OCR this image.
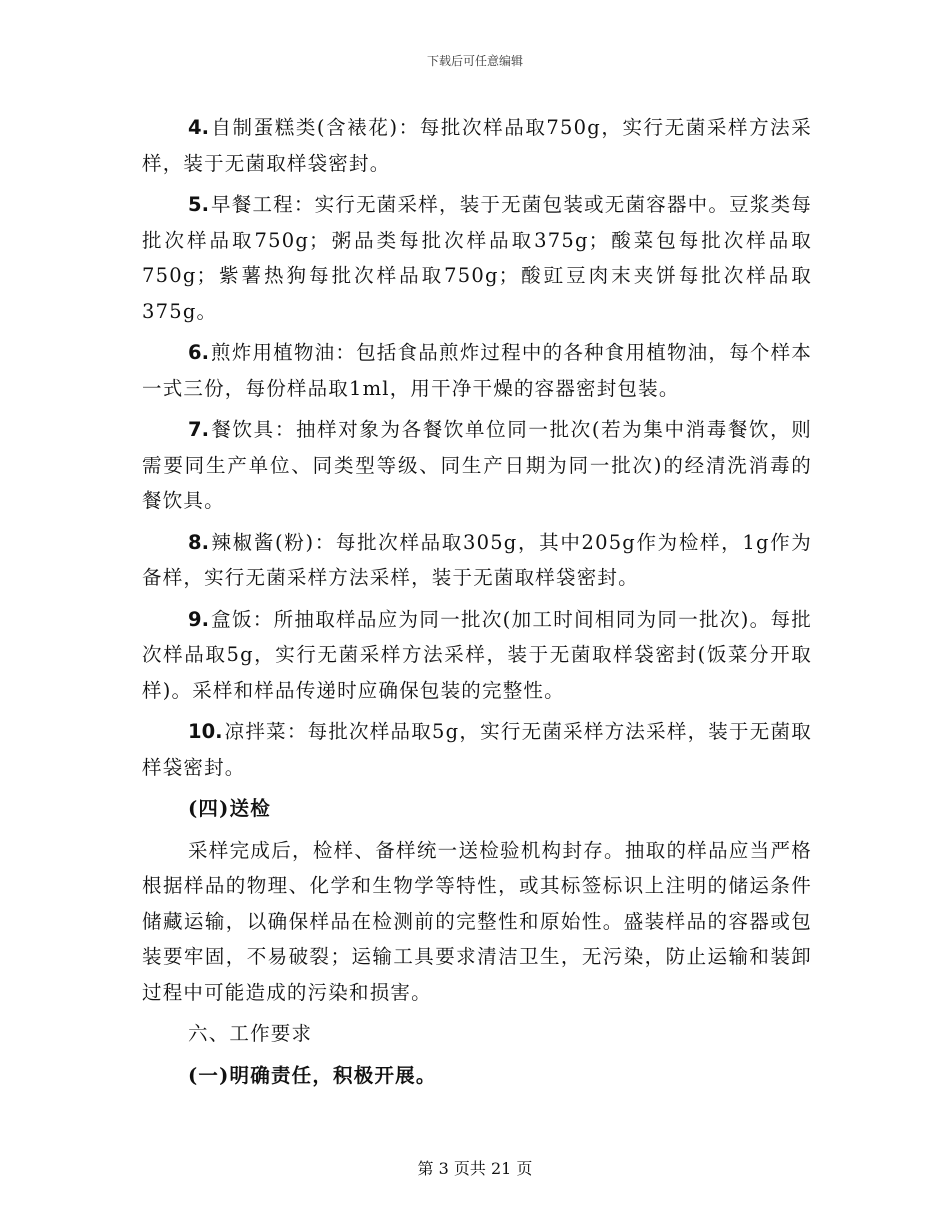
下载后可任意编辑

4. 自制蛋糕类(含裱花)：每批次样品取750g，实行无菌采样方法采样，装于无菌取样袋密封。

5. 早餐工程：实行无菌采样，装于无菌包装或无菌容器中。豆浆类每批次样品取750g；粥品类每批次样品取375g；酸菜包每批次样品取750g；紫薯热狗每批次样品取750g；酸豇豆肉末夹饼每批次样品取375g。

6. 煎炸用植物油：包括食品煎炸过程中的各种食用植物油，每个样本一式三份，每份样品取1ml，用干净干燥的容器密封包装。

7. 餐饮具：抽样对象为各餐饮单位同一批次(若为集中消毒餐饮，则需要同生产单位、同类型等级、同生产日期为同一批次)的经清洗消毒的餐饮具。

8. 辣椒酱(粉)：每批次样品取305g，其中205g作为检样，1g作为备样，实行无菌采样方法采样，装于无菌取样袋密封。

9. 盒饭：所抽取样品应为同一批次(加工时间相同为同一批次)。每批次样品取5g，实行无菌采样方法采样，装于无菌取样袋密封(饭菜分开取样)。采样和样品传递时应确保包装的完整性。

10. 凉拌菜：每批次样品取5g，实行无菌采样方法采样，装于无菌取样袋密封。

(四)送检

采样完成后，检样、备样统一送检验机构封存。抽取的样品应当严格根据样品的物理、化学和生物学等特性，或其标签标识上注明的储运条件储藏运输，以确保样品在检测前的完整性和原始性。盛装样品的容器或包装要牢固，不易破裂；运输工具要求清洁卫生，无污染，防止运输和装卸过程中可能造成的污染和损害。

六、工作要求

(一)明确责任，积极开展。

第 3 页共 21 页
